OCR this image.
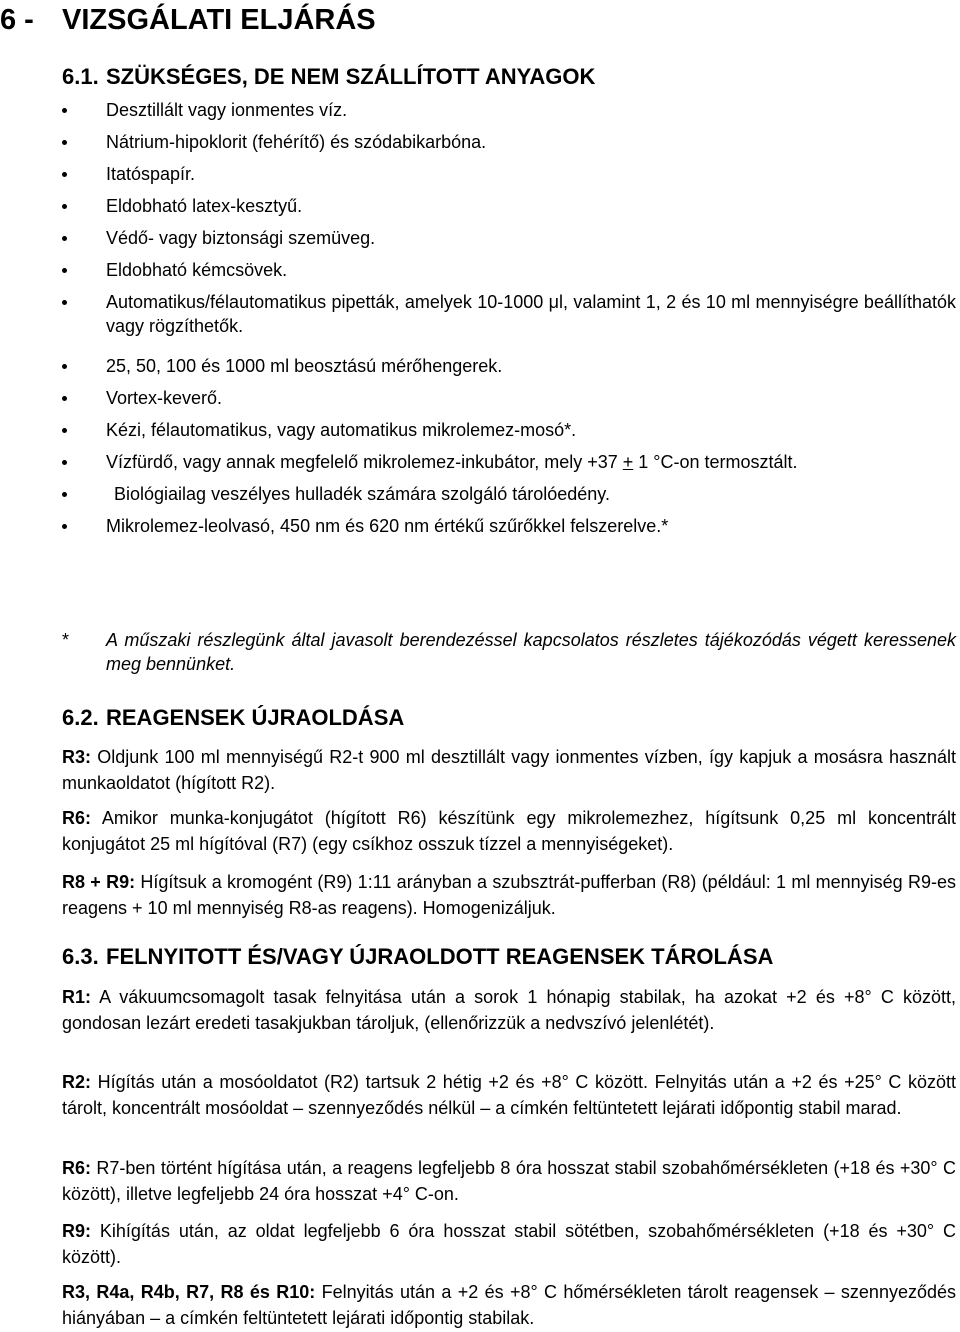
6 - VIZSGÁLATI ELJÁRÁS
6.1. SZÜKSÉGES, DE NEM SZÁLLÍTOTT ANYAGOK
Desztillált vagy ionmentes víz.
Nátrium-hipoklorit (fehérítő) és szódabikarbóna.
Itatóspapír.
Eldobható latex-kesztyű.
Védő- vagy biztonsági szemüveg.
Eldobható kémcsövek.
Automatikus/félautomatikus pipetták, amelyek 10-1000 μl, valamint 1, 2 és 10 ml mennyiségre beállíthatók vagy rögzíthetők.
25, 50, 100 és 1000 ml beosztású mérőhengerek.
Vortex-keverő.
Kézi, félautomatikus, vagy automatikus mikrolemez-mosó*.
Vízfürdő, vagy annak megfelelő mikrolemez-inkubátor, mely +37 + 1 °C-on termosztált.
Biológiailag veszélyes hulladék számára szolgáló tárolóedény.
Mikrolemez-leolvasó, 450 nm és 620 nm értékű szűrőkkel felszerelve.*
* A műszaki részlegünk által javasolt berendezéssel kapcsolatos részletes tájékozódás végett keressenek meg bennünket.
6.2. REAGENSEK ÚJRAOLDÁSA
R3: Oldjunk 100 ml mennyiségű R2-t 900 ml desztillált vagy ionmentes vízben, így kapjuk a mosásra használt munkaoldatot (hígított R2).
R6: Amikor munka-konjugátot (hígított R6) készítünk egy mikrolemezhez, hígítsunk 0,25 ml koncentrált konjugátot 25 ml hígítóval (R7) (egy csíkhoz osszuk tízzel a mennyiségeket).
R8 + R9: Hígítsuk a kromogént (R9) 1:11 arányban a szubsztrát-pufferban (R8) (például: 1 ml mennyiség R9-es reagens + 10 ml mennyiség R8-as reagens). Homogenizáljuk.
6.3. FELNYITOTT ÉS/VAGY ÚJRAOLDOTT REAGENSEK TÁROLÁSA
R1: A vákuumcsomagolt tasak felnyitása után a sorok 1 hónapig stabilak, ha azokat +2 és +8° C között, gondosan lezárt eredeti tasakjukban tároljuk, (ellenőrizzük a nedvszívó jelenlétét).
R2: Hígítás után a mosóoldatot (R2) tartsuk 2 hétig +2 és +8° C között. Felnyitás után a +2 és +25° C között tárolt, koncentrált mosóoldat – szennyeződés nélkül – a címkén feltüntetett lejárati időpontig stabil marad.
R6: R7-ben történt hígítása után, a reagens legfeljebb 8 óra hosszat stabil szobahőmérsékleten (+18 és +30° C között), illetve legfeljebb 24 óra hosszat +4° C-on.
R9: Kihígítás után, az oldat legfeljebb 6 óra hosszat stabil sötétben, szobahőmérsékleten (+18 és +30° C között).
R3, R4a, R4b, R7, R8 és R10: Felnyitás után a +2 és +8° C hőmérsékleten tárolt reagensek – szennyeződés hiányában – a címkén feltüntetett lejárati időpontig stabilak.
